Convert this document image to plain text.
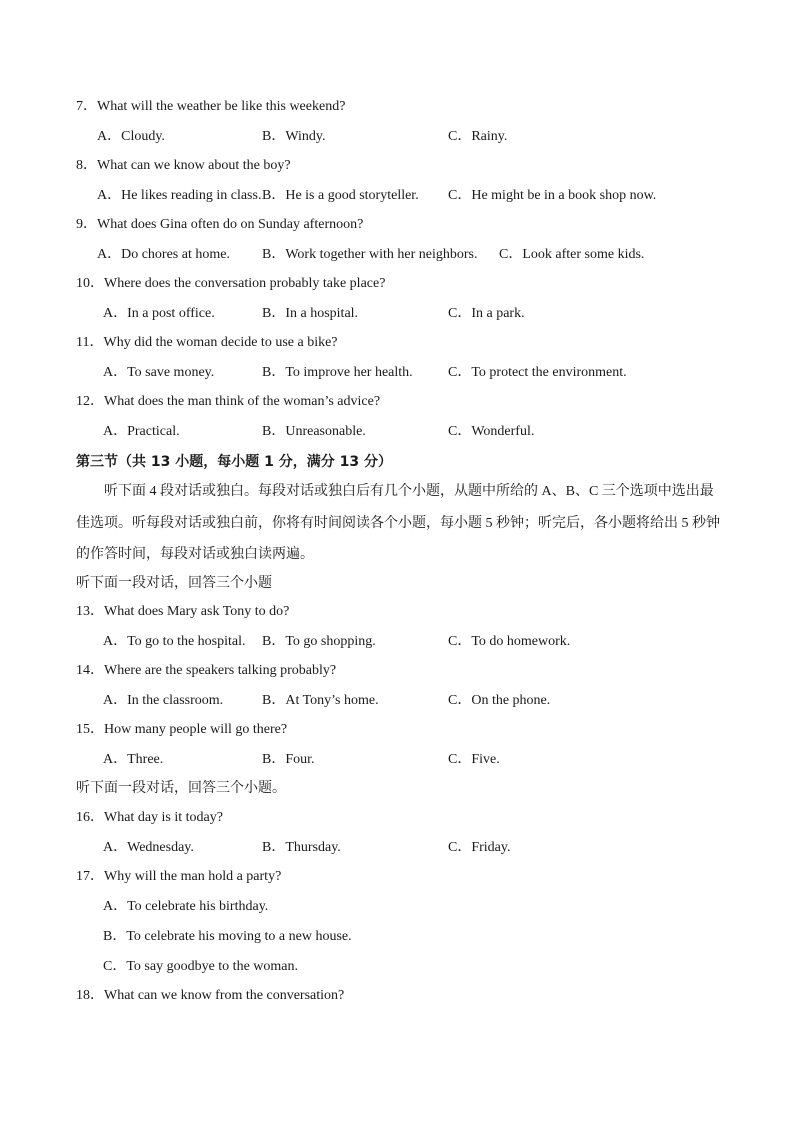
7．What will the weather be like this weekend?
A．Cloudy.	B．Windy.	C．Rainy.
8．What can we know about the boy?
A．He likes reading in class. B．He is a good storyteller. C．He might be in a book shop now.
9．What does Gina often do on Sunday afternoon?
A．Do chores at home. B．Work together with her neighbors. C．Look after some kids.
10．Where does the conversation probably take place?
A．In a post office.	B．In a hospital.	C．In a park.
11．Why did the woman decide to use a bike?
A．To save money.	B．To improve her health.	C．To protect the environment.
12．What does the man think of the woman’s advice?
A．Practical.	B．Unreasonable.	C．Wonderful.
第三节（共 13 小题，每小题 1 分，满分 13 分）
听下面 4 段对话或独白。每段对话或独白后有几个小题，从题中所给的 A、B、C 三个选项中选出最
佳选项。听每段对话或独白前，你将有时间阅读各个小题，每小题 5 秒钟；听完后，各小题将给出 5 秒钟
的作答时间，每段对话或独白读两遍。
听下面一段对话，回答三个小题
13．What does Mary ask Tony to do?
A．To go to the hospital. B．To go shopping.	C．To do homework.
14．Where are the speakers talking probably?
A．In the classroom.	B．At Tony’s home.	C．On the phone.
15．How many people will go there?
A．Three.	B．Four.	C．Five.
听下面一段对话，回答三个小题。
16．What day is it today?
A．Wednesday.	B．Thursday.	C．Friday.
17．Why will the man hold a party?
A．To celebrate his birthday.
B．To celebrate his moving to a new house.
C．To say goodbye to the woman.
18．What can we know from the conversation?
